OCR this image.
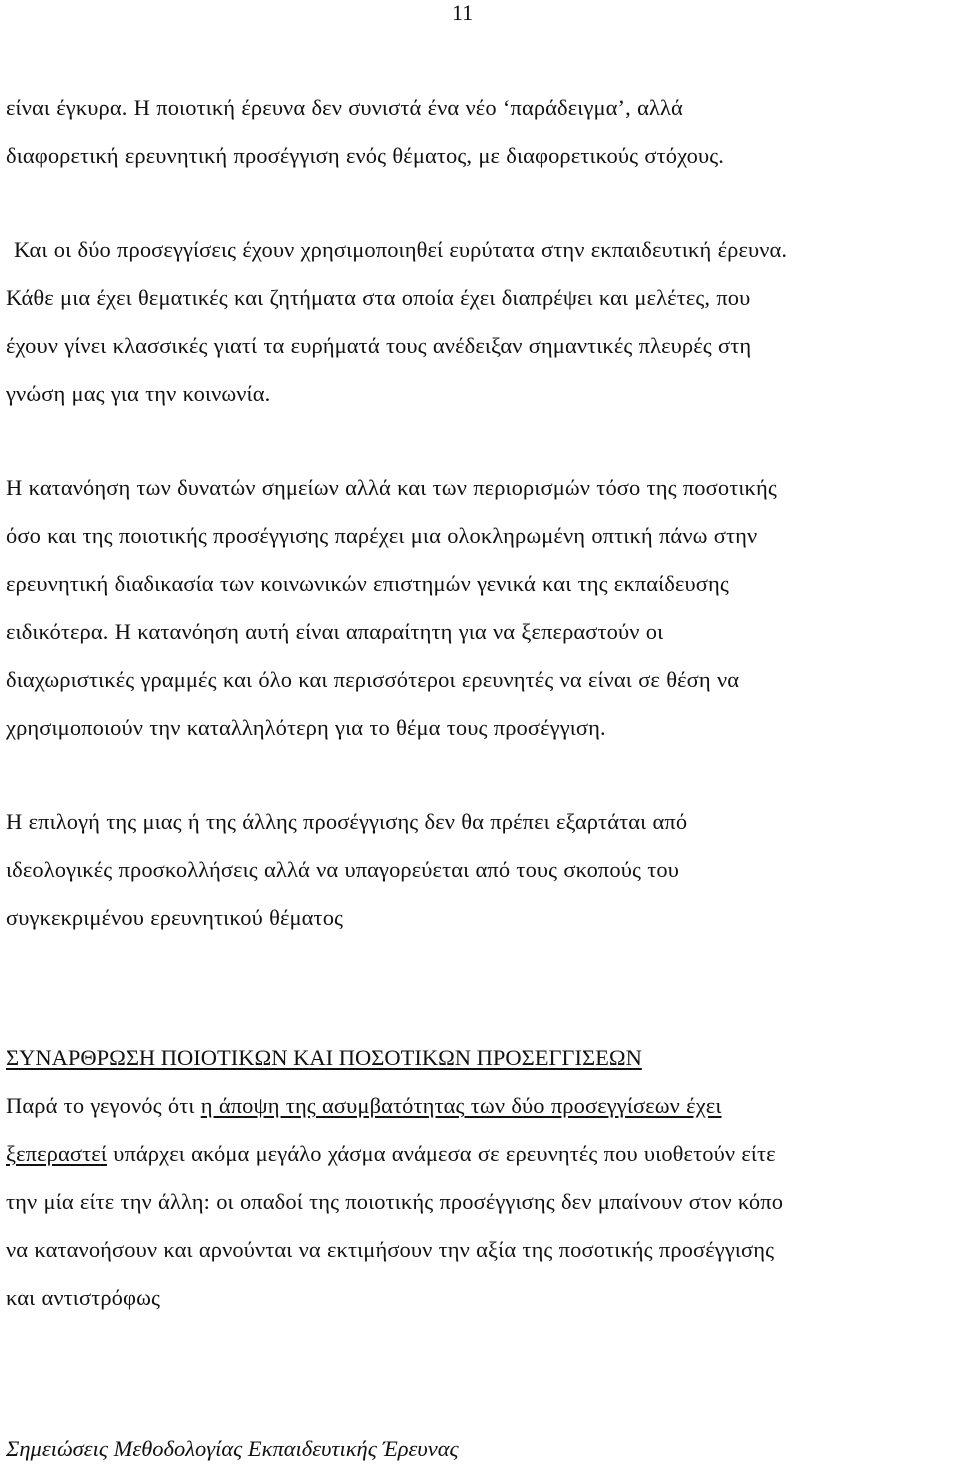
11
είναι έγκυρα. Η ποιοτική έρευνα δεν συνιστά ένα νέο ‘παράδειγμα’, αλλά
διαφορετική ερευνητική προσέγγιση ενός θέματος, με διαφορετικούς στόχους.
Και οι δύο προσεγγίσεις έχουν χρησιμοποιηθεί ευρύτατα στην εκπαιδευτική έρευνα.
Κάθε μια έχει θεματικές και ζητήματα στα οποία έχει διαπρέψει και μελέτες, που
έχουν γίνει κλασσικές γιατί τα ευρήματά τους ανέδειξαν σημαντικές πλευρές στη
γνώση μας για την κοινωνία.
Η κατανόηση των δυνατών σημείων αλλά και των περιορισμών τόσο της ποσοτικής
όσο και της ποιοτικής προσέγγισης παρέχει μια ολοκληρωμένη οπτική πάνω στην
ερευνητική διαδικασία των κοινωνικών επιστημών γενικά και της εκπαίδευσης
ειδικότερα. Η κατανόηση αυτή είναι απαραίτητη για να ξεπεραστούν οι
διαχωριστικές γραμμές και όλο και περισσότεροι ερευνητές να είναι σε θέση να
χρησιμοποιούν την καταλληλότερη για το θέμα τους προσέγγιση.
Η επιλογή της μιας ή της άλλης προσέγγισης δεν θα πρέπει εξαρτάται από
ιδεολογικές προσκολλήσεις αλλά να υπαγορεύεται από τους σκοπούς του
συγκεκριμένου ερευνητικού θέματος
ΣΥΝΑΡΘΡΩΣΗ ΠΟΙΟΤΙΚΩΝ ΚΑΙ ΠΟΣΟΤΙΚΩΝ ΠΡΟΣΕΓΓΙΣΕΩΝ
Παρά το γεγονός ότι η άποψη της ασυμβατότητας των δύο προσεγγίσεων έχει
ξεπεραστεί υπάρχει ακόμα μεγάλο χάσμα ανάμεσα σε ερευνητές που υιοθετούν είτε
την μία είτε την άλλη: οι οπαδοί της ποιοτικής προσέγγισης δεν μπαίνουν στον κόπο
να κατανοήσουν και αρνούνται να εκτιμήσουν την αξία της ποσοτικής προσέγγισης
και αντιστρόφως
Σημειώσεις Μεθοδολογίας Εκπαιδευτικής Έρευνας
